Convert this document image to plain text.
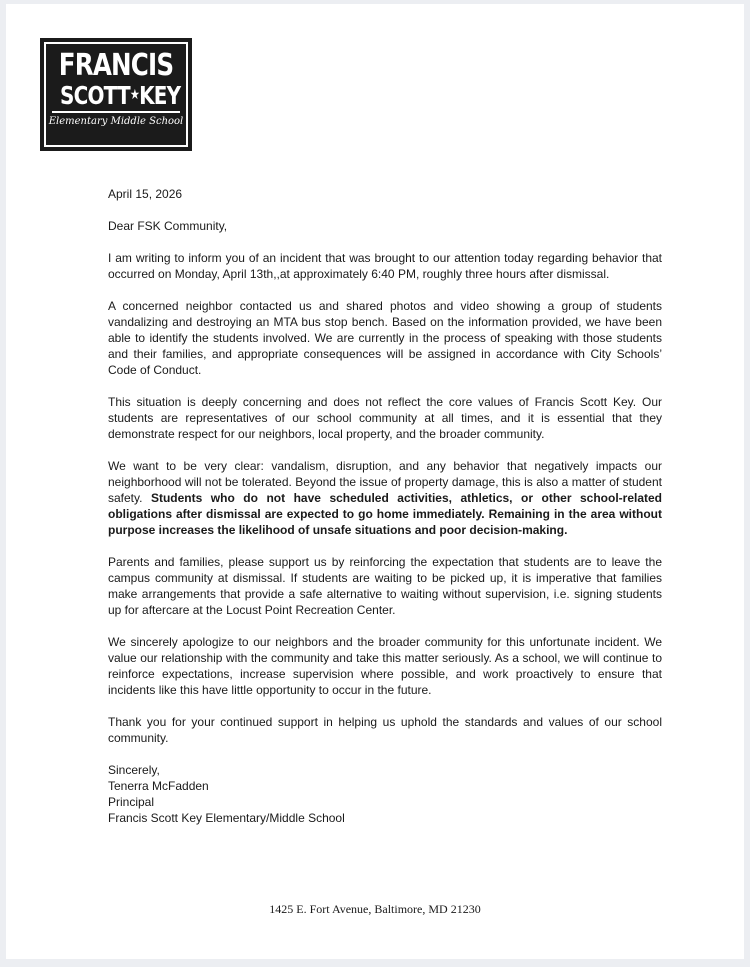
FRANCIS
SCOTT★KEY
Elementary Middle School

April 15, 2026

Dear FSK Community,

I am writing to inform you of an incident that was brought to our attention today regarding behavior that occurred on Monday, April 13th,,at approximately 6:40 PM, roughly three hours after dismissal.

A concerned neighbor contacted us and shared photos and video showing a group of students vandalizing and destroying an MTA bus stop bench. Based on the information provided, we have been able to identify the students involved. We are currently in the process of speaking with those students and their families, and appropriate consequences will be assigned in accordance with City Schools’ Code of Conduct.

This situation is deeply concerning and does not reflect the core values of Francis Scott Key. Our students are representatives of our school community at all times, and it is essential that they demonstrate respect for our neighbors, local property, and the broader community.

We want to be very clear: vandalism, disruption, and any behavior that negatively impacts our neighborhood will not be tolerated. Beyond the issue of property damage, this is also a matter of student safety. Students who do not have scheduled activities, athletics, or other school-related obligations after dismissal are expected to go home immediately. Remaining in the area without purpose increases the likelihood of unsafe situations and poor decision-making.

Parents and families, please support us by reinforcing the expectation that students are to leave the campus community at dismissal. If students are waiting to be picked up, it is imperative that families make arrangements that provide a safe alternative to waiting without supervision, i.e. signing students up for aftercare at the Locust Point Recreation Center.

We sincerely apologize to our neighbors and the broader community for this unfortunate incident. We value our relationship with the community and take this matter seriously. As a school, we will continue to reinforce expectations, increase supervision where possible, and work proactively to ensure that incidents like this have little opportunity to occur in the future.

Thank you for your continued support in helping us uphold the standards and values of our school community.

Sincerely,

Tenerra McFadden

Principal

Francis Scott Key Elementary/Middle School

1425 E. Fort Avenue, Baltimore, MD 21230
